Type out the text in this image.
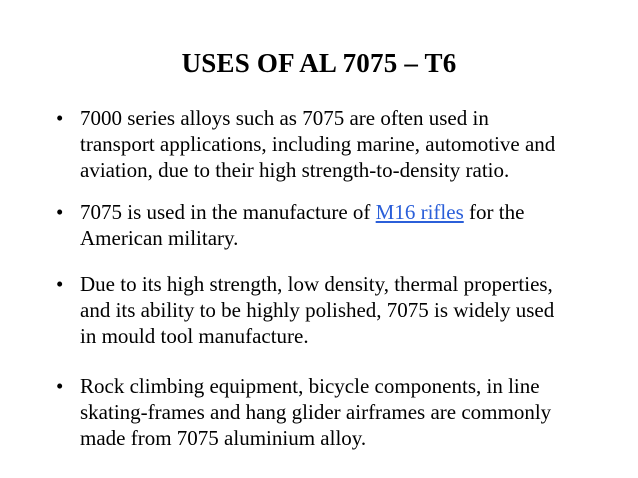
USES OF AL 7075 – T6
• 7000 series alloys such as 7075 are often used in
transport applications, including marine, automotive and
aviation, due to their high strength-to-density ratio.
• 7075 is used in the manufacture of M16 rifles for the
American military.
• Due to its high strength, low density, thermal properties,
and its ability to be highly polished, 7075 is widely used
in mould tool manufacture.
• Rock climbing equipment, bicycle components, in line
skating-frames and hang glider airframes are commonly
made from 7075 aluminium alloy.
